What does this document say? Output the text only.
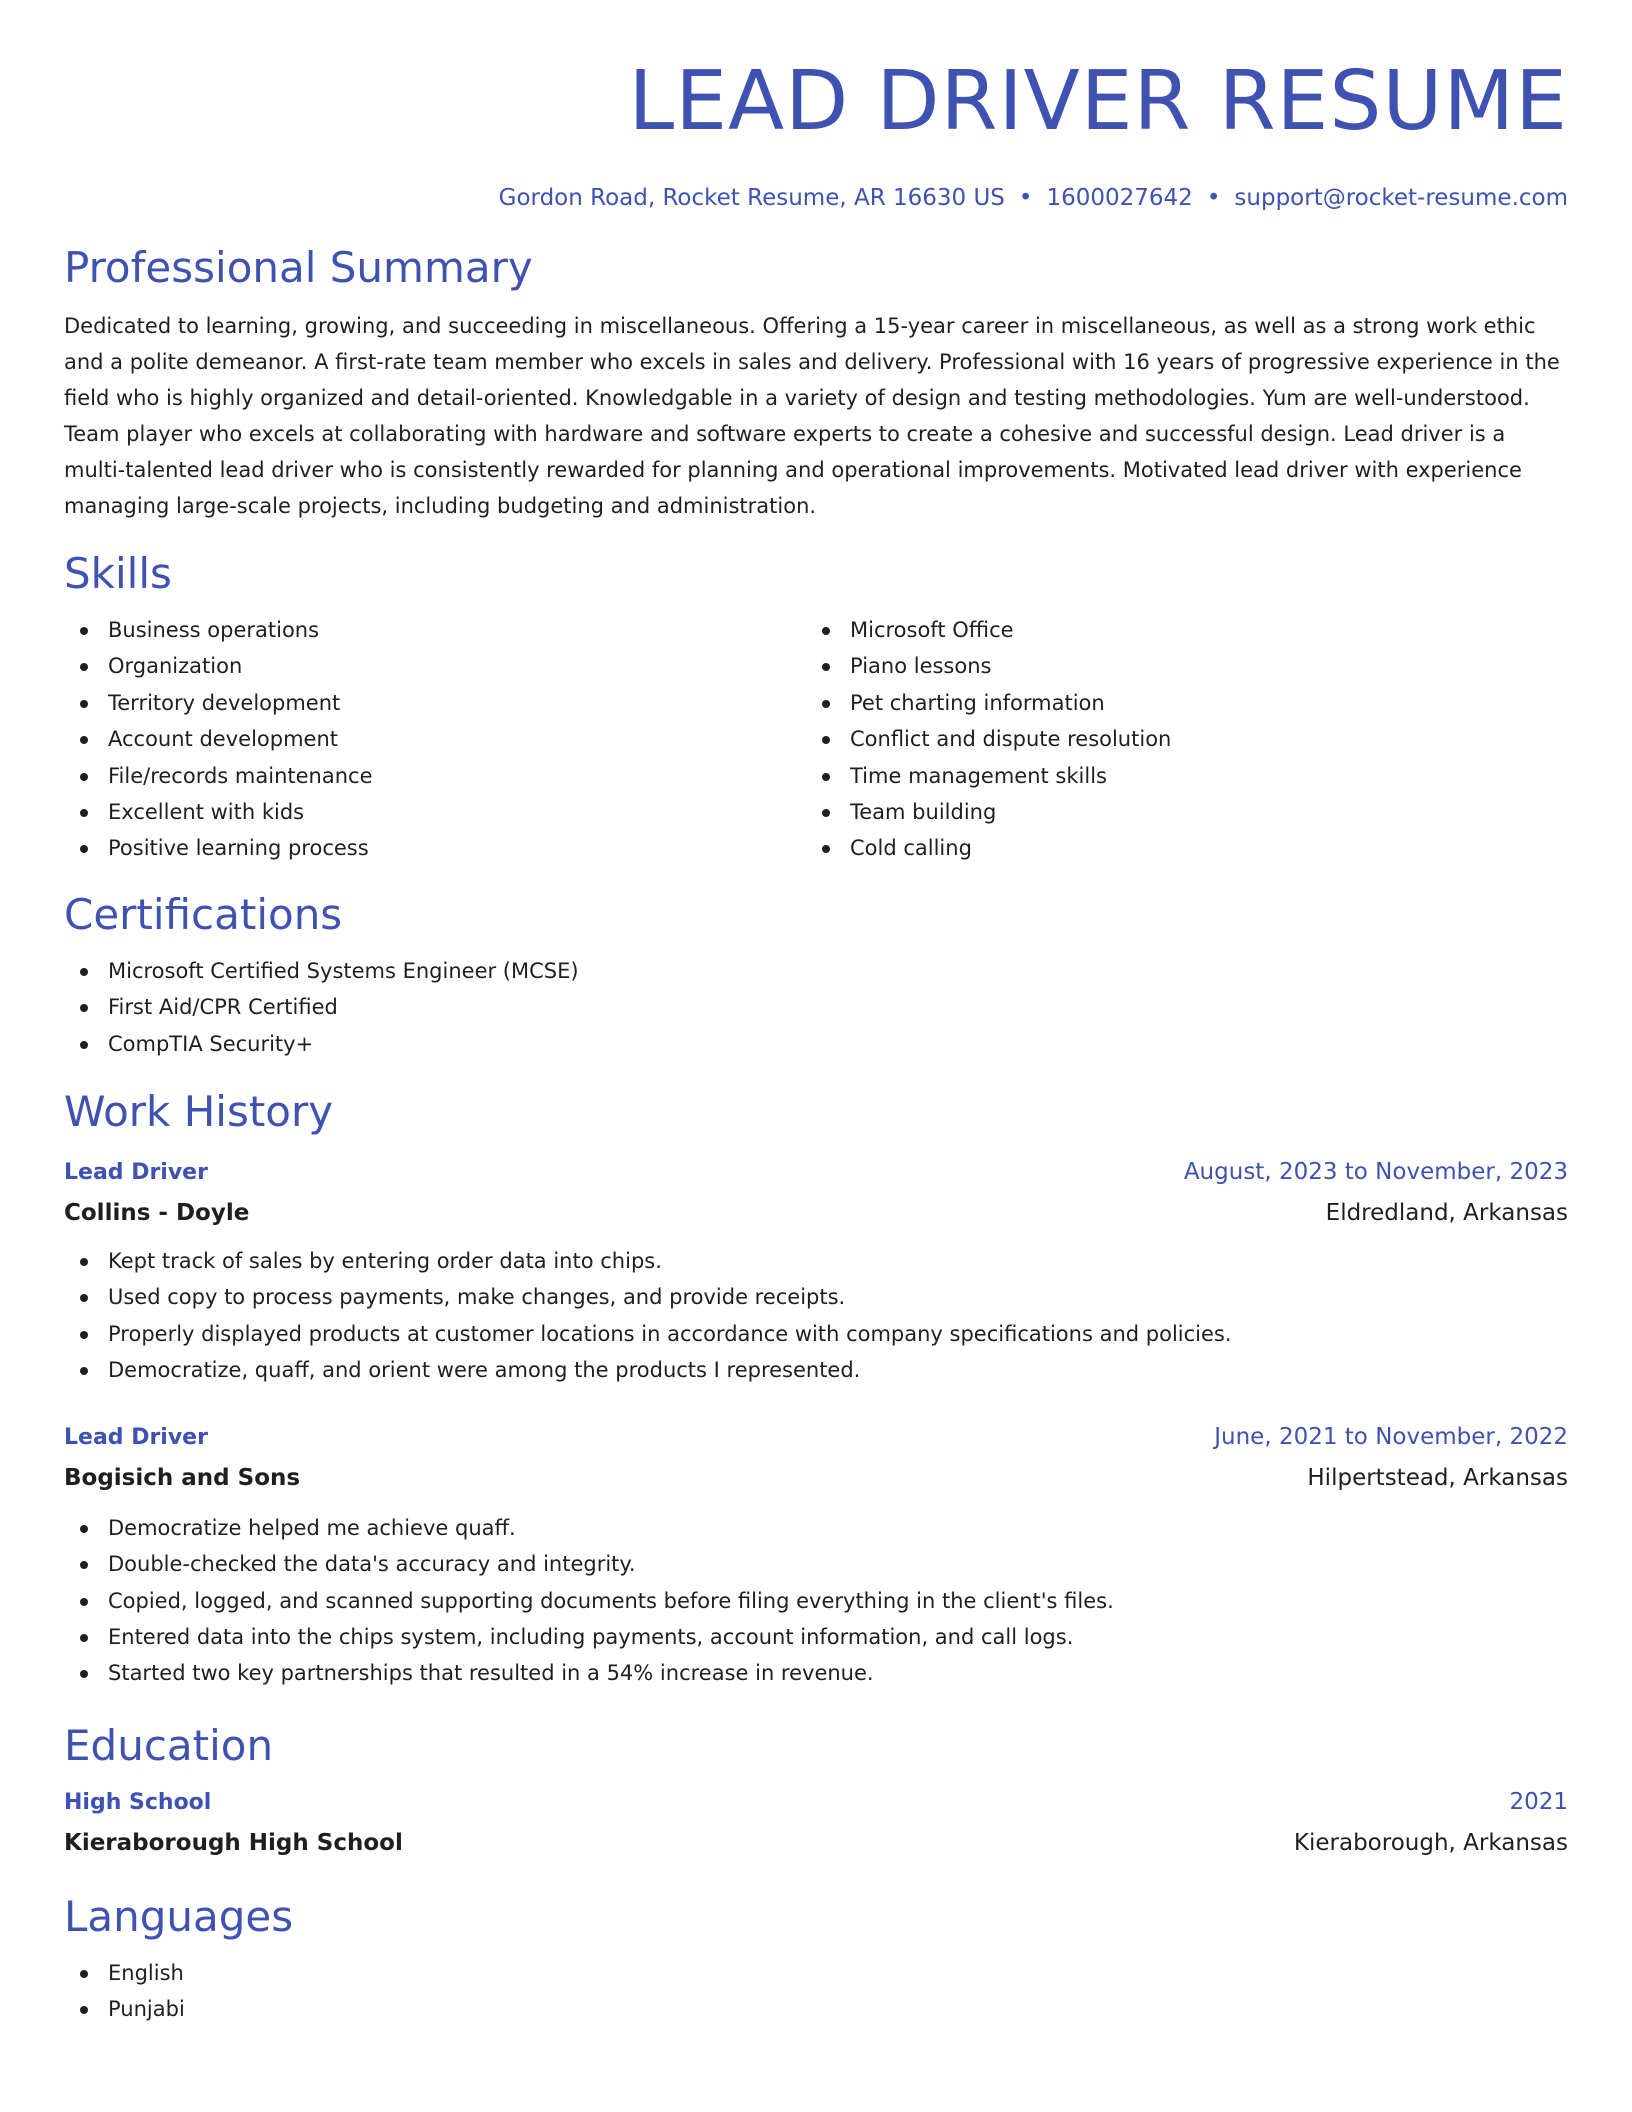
LEAD DRIVER RESUME
Gordon Road, Rocket Resume, AR 16630 US • 1600027642 • support@rocket-resume.com
Professional Summary
Dedicated to learning, growing, and succeeding in miscellaneous. Offering a 15-year career in miscellaneous, as well as a strong work ethic and a polite demeanor. A first-rate team member who excels in sales and delivery. Professional with 16 years of progressive experience in the field who is highly organized and detail-oriented. Knowledgable in a variety of design and testing methodologies. Yum are well-understood. Team player who excels at collaborating with hardware and software experts to create a cohesive and successful design. Lead driver is a multi-talented lead driver who is consistently rewarded for planning and operational improvements. Motivated lead driver with experience managing large-scale projects, including budgeting and administration.
Skills
Business operations
Organization
Territory development
Account development
File/records maintenance
Excellent with kids
Positive learning process
Microsoft Office
Piano lessons
Pet charting information
Conflict and dispute resolution
Time management skills
Team building
Cold calling
Certifications
Microsoft Certified Systems Engineer (MCSE)
First Aid/CPR Certified
CompTIA Security+
Work History
Lead Driver	August, 2023 to November, 2023
Collins - Doyle	Eldredland, Arkansas
Kept track of sales by entering order data into chips.
Used copy to process payments, make changes, and provide receipts.
Properly displayed products at customer locations in accordance with company specifications and policies.
Democratize, quaff, and orient were among the products I represented.
Lead Driver	June, 2021 to November, 2022
Bogisich and Sons	Hilpertstead, Arkansas
Democratize helped me achieve quaff.
Double-checked the data's accuracy and integrity.
Copied, logged, and scanned supporting documents before filing everything in the client's files.
Entered data into the chips system, including payments, account information, and call logs.
Started two key partnerships that resulted in a 54% increase in revenue.
Education
High School	2021
Kieraborough High School	Kieraborough, Arkansas
Languages
English
Punjabi
